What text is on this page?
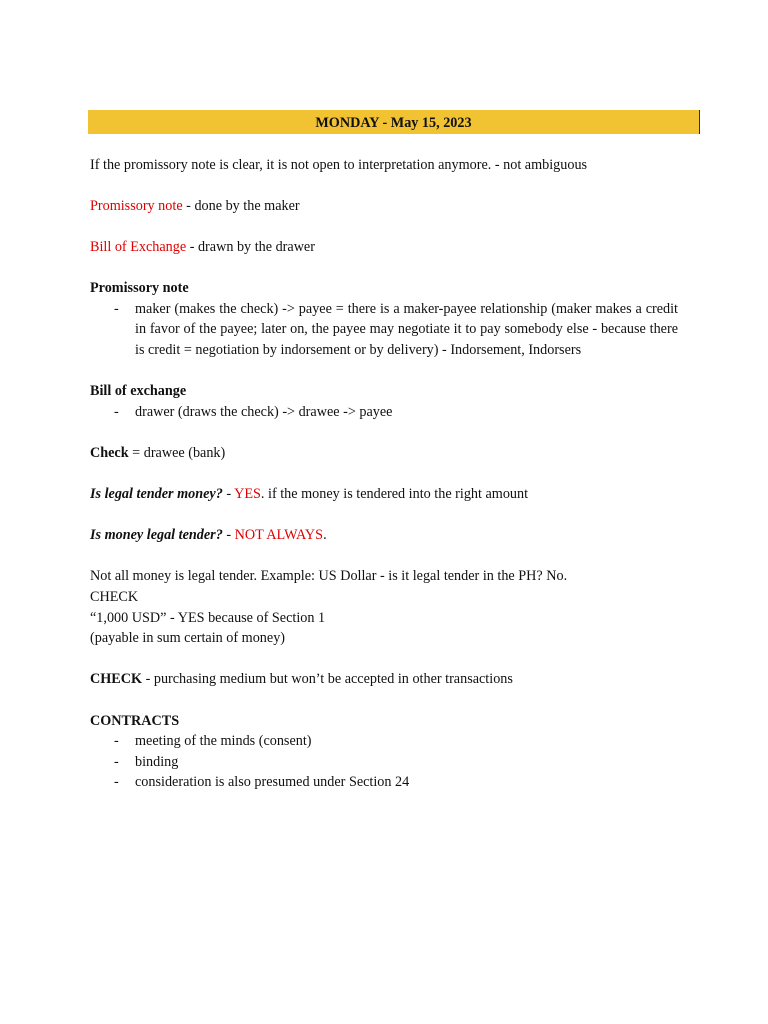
MONDAY - May 15, 2023

If the promissory note is clear, it is not open to interpretation anymore. - not ambiguous

Promissory note - done by the maker

Bill of Exchange - drawn by the drawer

Promissory note

- maker (makes the check) -> payee = there is a maker-payee relationship (maker makes a credit in favor of the payee; later on, the payee may negotiate it to pay somebody else - because there is credit = negotiation by indorsement or by delivery) - Indorsement, Indorsers

Bill of exchange

- drawer (draws the check) -> drawee -> payee

Check = drawee (bank)

Is legal tender money? - YES. if the money is tendered into the right amount

Is money legal tender? - NOT ALWAYS.

Not all money is legal tender. Example: US Dollar - is it legal tender in the PH? No.

CHECK

“1,000 USD” - YES because of Section 1

(payable in sum certain of money)

CHECK - purchasing medium but won’t be accepted in other transactions

CONTRACTS

- meeting of the minds (consent)
- binding
- consideration is also presumed under Section 24
